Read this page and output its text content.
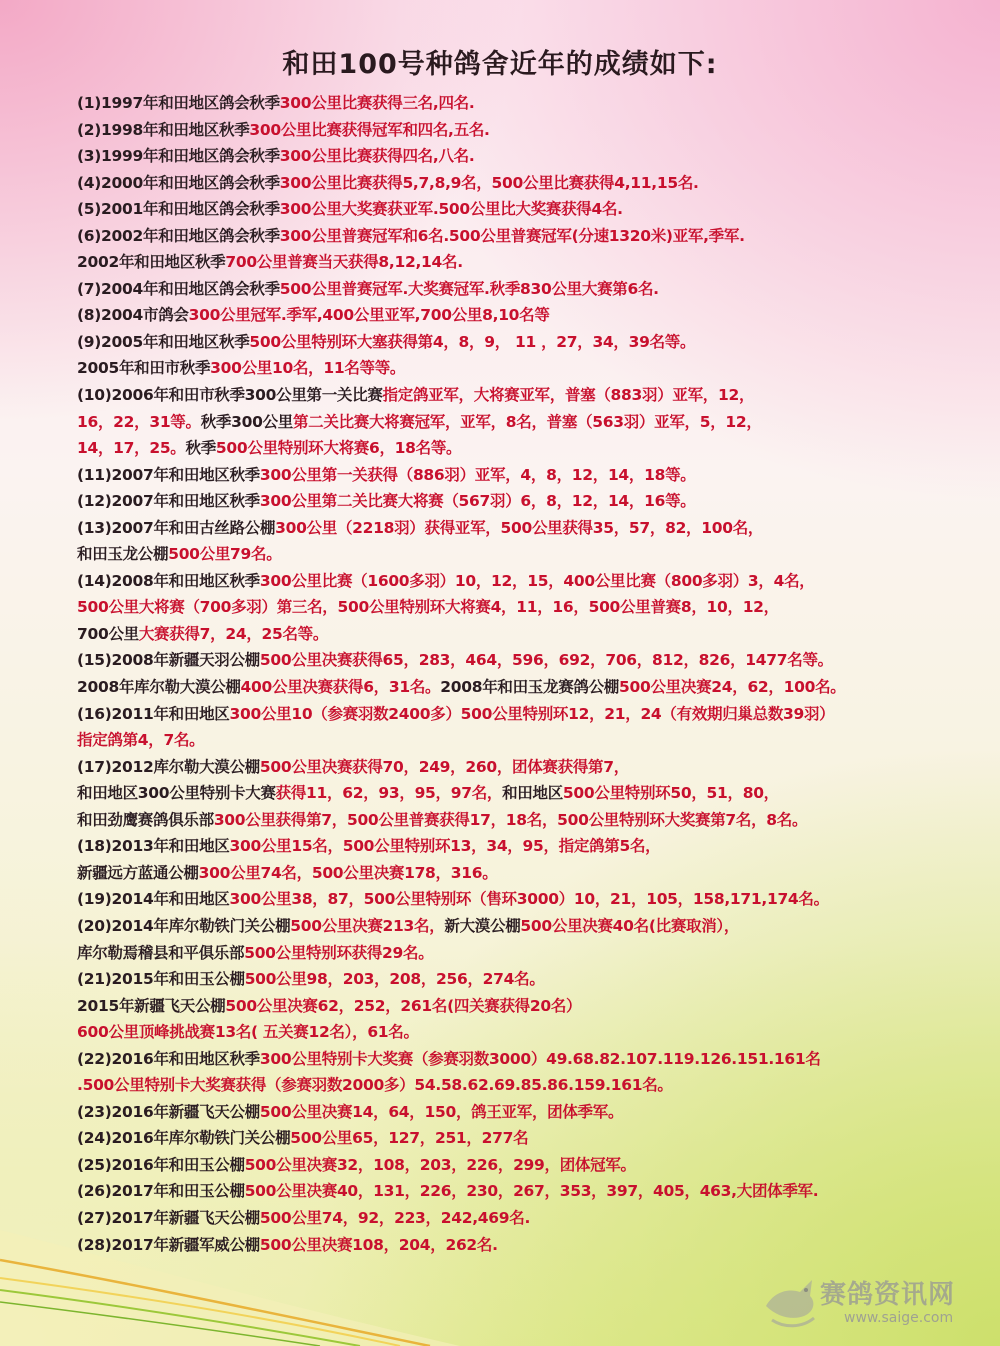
和田100号种鸽舍近年的成绩如下:
(1)1997年和田地区鸽会秋季300公里比赛获得三名,四名.
(2)1998年和田地区秋季300公里比赛获得冠军和四名,五名.
(3)1999年和田地区鸽会秋季300公里比赛获得四名,八名.
(4)2000年和田地区鸽会秋季300公里比赛获得5,7,8,9名，500公里比赛获得4,11,15名.
(5)2001年和田地区鸽会秋季300公里大奖赛获亚军.500公里比大奖赛获得4名.
(6)2002年和田地区鸽会秋季300公里普赛冠军和6名.500公里普赛冠军(分速1320米)亚军,季军.
2002年和田地区秋季700公里普赛当天获得8,12,14名.
(7)2004年和田地区鸽会秋季500公里普赛冠军.大奖赛冠军.秋季830公里大赛第6名.
(8)2004市鸽会300公里冠军.季军,400公里亚军,700公里8,10名等
(9)2005年和田地区秋季500公里特别环大塞获得第4，8，9， 11 ，27，34，39名等。
2005年和田市秋季300公里10名，11名等等。
(10)2006年和田市秋季300公里第一关比赛指定鸽亚军，大将赛亚军，普塞（883羽）亚军，12，
16，22，31等。秋季300公里第二关比赛大将赛冠军，亚军，8名，普塞（563羽）亚军，5，12，
14，17，25。秋季500公里特别环大将赛6，18名等。
(11)2007年和田地区秋季300公里第一关获得（886羽）亚军，4，8，12，14，18等。
(12)2007年和田地区秋季300公里第二关比赛大将赛（567羽）6，8，12，14，16等。
(13)2007年和田古丝路公棚300公里（2218羽）获得亚军，500公里获得35，57，82，100名，
和田玉龙公棚500公里79名。
(14)2008年和田地区秋季300公里比赛（1600多羽）10，12，15，400公里比赛（800多羽）3，4名，
500公里大将赛（700多羽）第三名，500公里特别环大将赛4，11，16，500公里普赛8，10，12，
700公里大赛获得7，24，25名等。
(15)2008年新疆天羽公棚500公里决赛获得65，283，464，596，692，706，812，826，1477名等。
2008年库尔勒大漠公棚400公里决赛获得6，31名。2008年和田玉龙赛鸽公棚500公里决赛24，62，100名。
(16)2011年和田地区300公里10（参赛羽数2400多）500公里特别环12，21，24（有效期归巢总数39羽）
指定鸽第4，7名。
(17)2012库尔勒大漠公棚500公里决赛获得70，249，260，团体赛获得第7，
和田地区300公里特别卡大赛获得11，62，93，95，97名，和田地区500公里特别环50，51，80，
和田劲鹰赛鸽俱乐部300公里获得第7，500公里普赛获得17，18名，500公里特别环大奖赛第7名，8名。
(18)2013年和田地区300公里15名，500公里特别环13，34，95，指定鸽第5名，
新疆远方蓝通公棚300公里74名，500公里决赛178，316。
(19)2014年和田地区300公里38，87，500公里特别环（售环3000）10，21，105，158,171,174名。
(20)2014年库尔勒铁门关公棚500公里决赛213名，新大漠公棚500公里决赛40名(比赛取消），
库尔勒焉稽县和平俱乐部500公里特别环获得29名。
(21)2015年和田玉公棚500公里98，203，208，256，274名。
2015年新疆飞天公棚500公里决赛62，252，261名(四关赛获得20名）
600公里顶峰挑战赛13名( 五关赛12名），61名。
(22)2016年和田地区秋季300公里特别卡大奖赛（参赛羽数3000）49.68.82.107.119.126.151.161名
.500公里特别卡大奖赛获得（参赛羽数2000多）54.58.62.69.85.86.159.161名。
(23)2016年新疆飞天公棚500公里决赛14，64，150，鸽王亚军，团体季军。
(24)2016年库尔勒铁门关公棚500公里65，127，251，277名
(25)2016年和田玉公棚500公里决赛32，108，203，226，299，团体冠军。
(26)2017年和田玉公棚500公里决赛40，131，226，230，267，353，397，405，463,大团体季军.
(27)2017年新疆飞天公棚500公里74，92，223，242,469名.
(28)2017年新疆军威公棚500公里决赛108，204，262名.
赛鸽资讯网
www.saige.com
